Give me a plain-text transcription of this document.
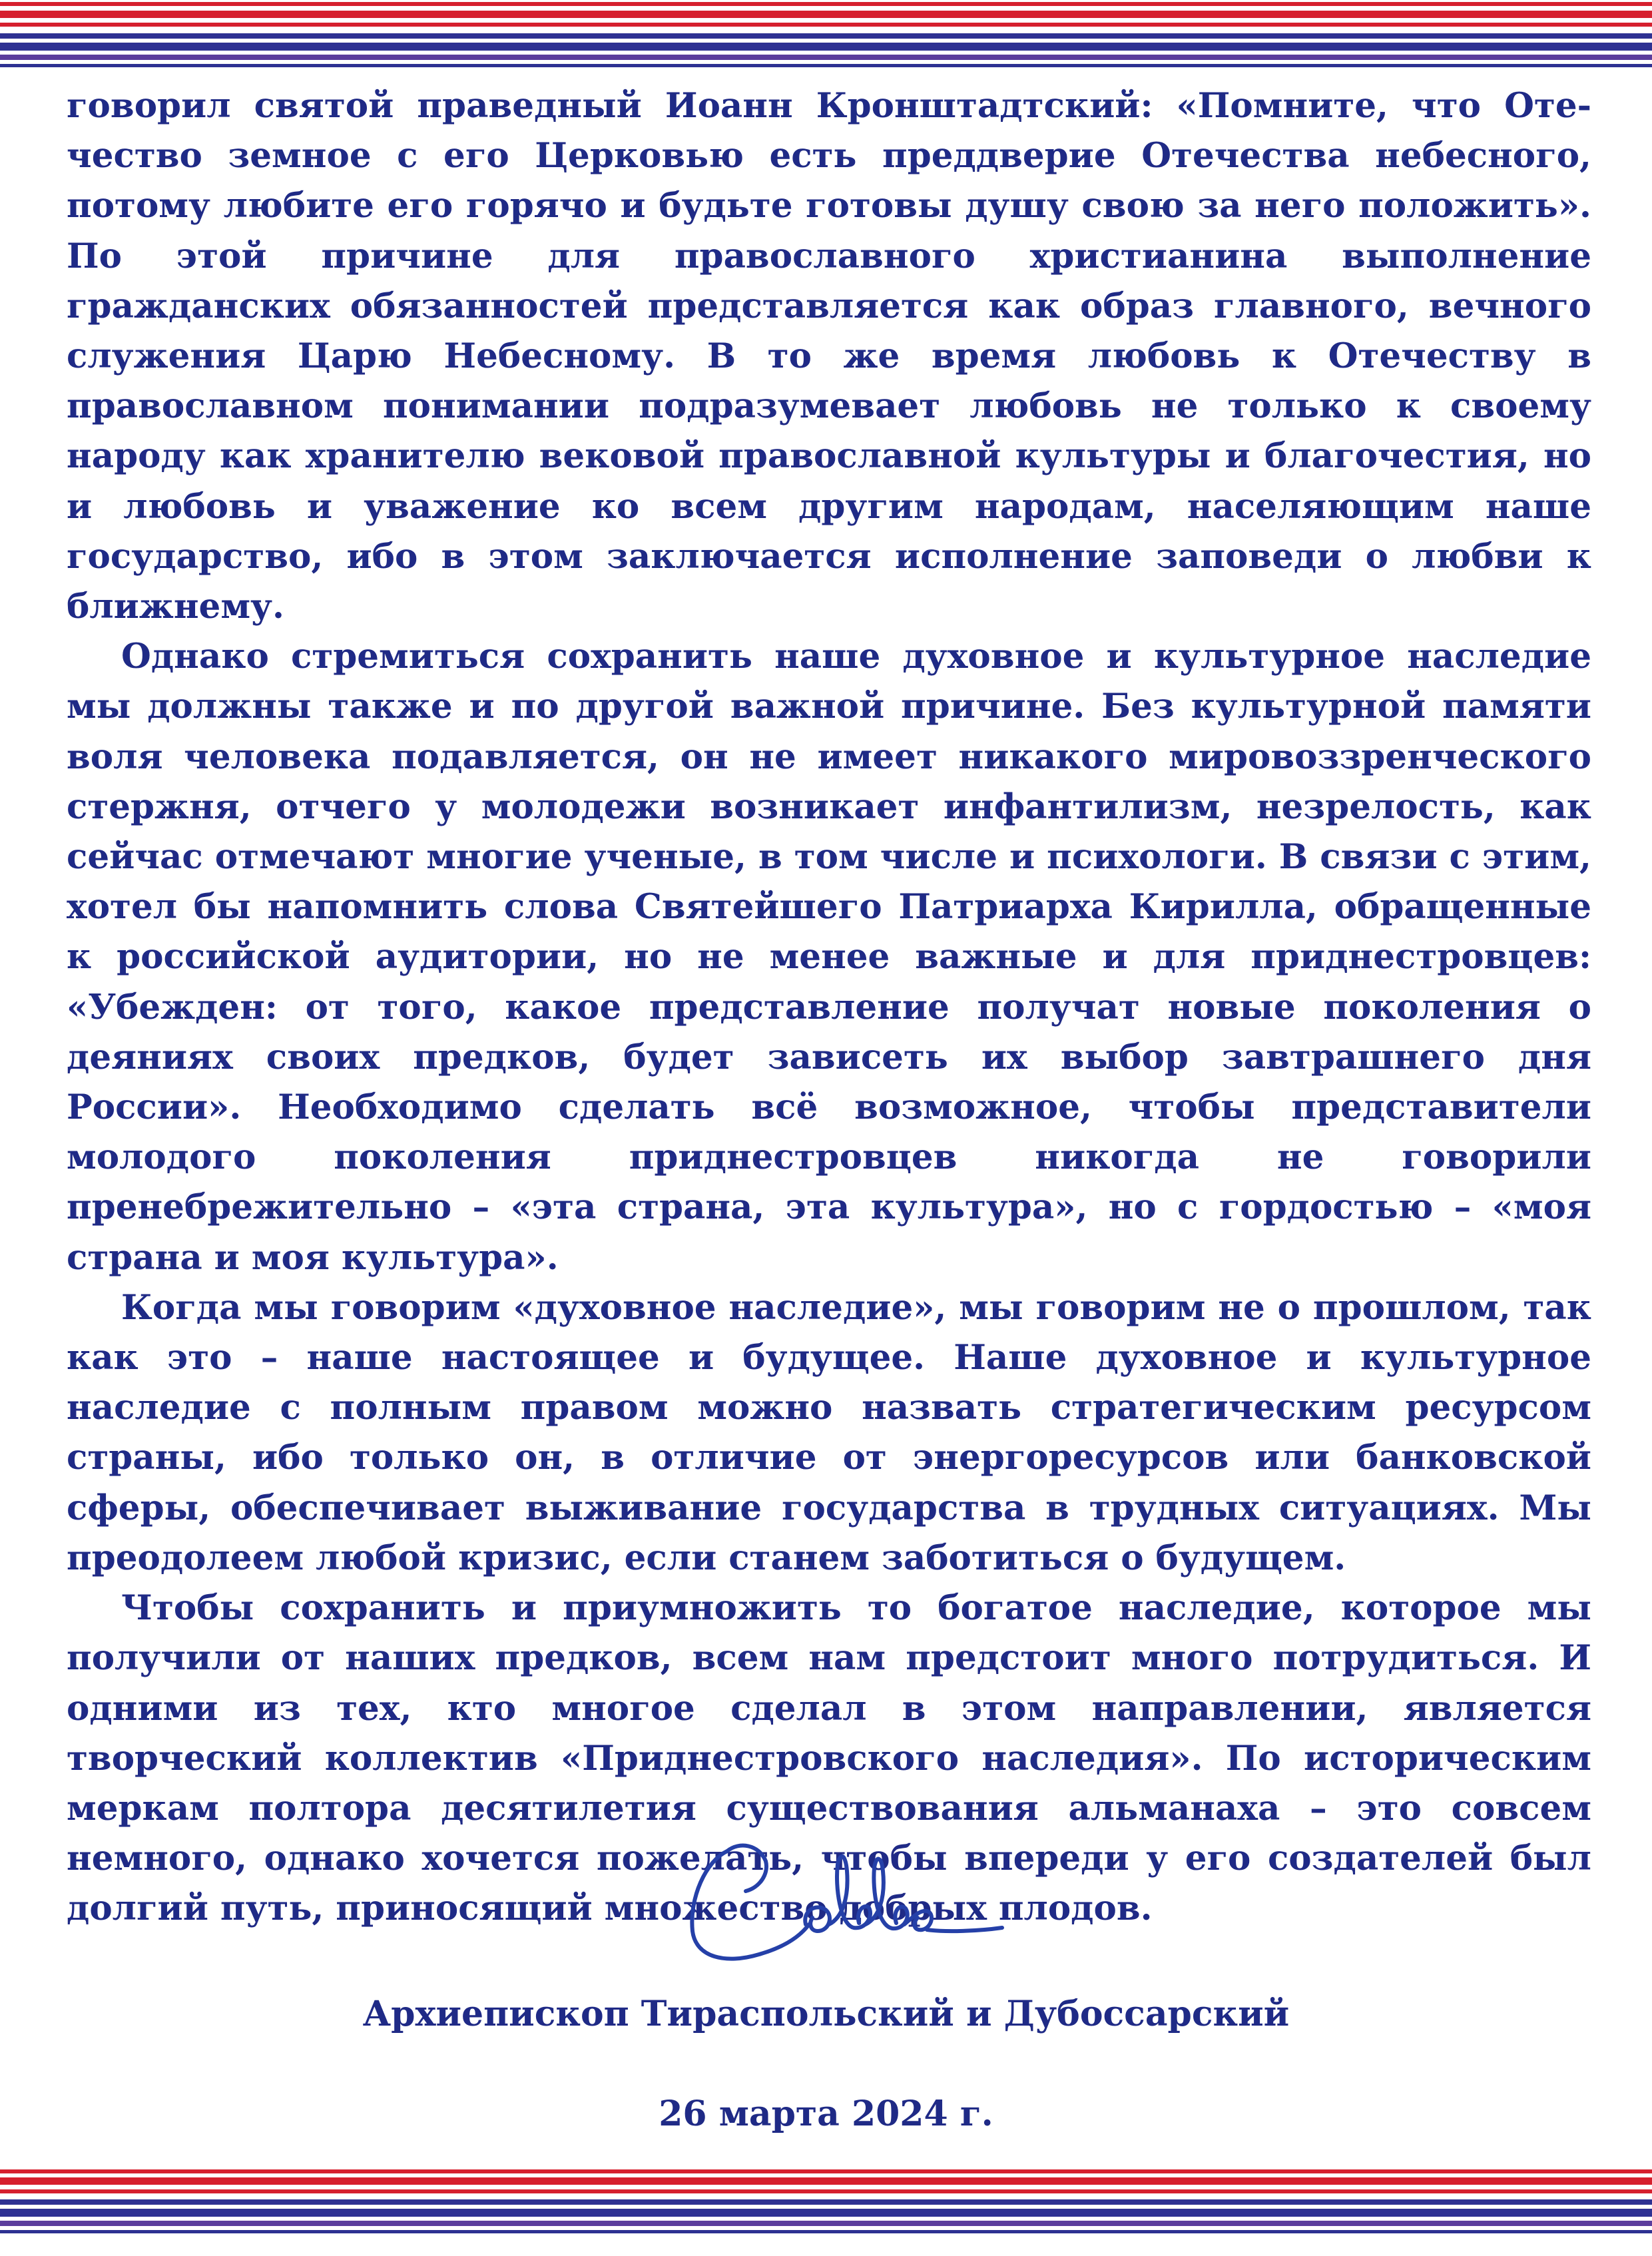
говорил святой праведный Иоанн Кронштадтский: «Помните, что Отечество земное с его Церковью есть преддверие Отечества небесного, потому любите его горячо и будьте готовы душу свою за него положить». По этой причине для православного христианина выполнение гражданских обязанностей представляется как образ главного, вечного служения Царю Небесному. В то же время любовь к Отечеству в православном понимании подразумевает любовь не только к своему народу как хранителю вековой православной культуры и благочестия, но и любовь и уважение ко всем другим народам, населяющим наше государство, ибо в этом заключается исполнение заповеди о любви к ближнему.

Однако стремиться сохранить наше духовное и культурное наследие мы должны также и по другой важной причине. Без культурной памяти воля человека подавляется, он не имеет никакого мировоззренческого стержня, отчего у молодежи возникает инфантилизм, незрелость, как сейчас отмечают многие ученые, в том числе и психологи. В связи с этим, хотел бы напомнить слова Святейшего Патриарха Кирилла, обращенные к российской аудитории, но не менее важные и для приднестровцев: «Убежден: от того, какое представление получат новые поколения о деяниях своих предков, будет зависеть их выбор завтрашнего дня России». Необходимо сделать всё возможное, чтобы представители молодого поколения приднестровцев никогда не говорили пренебрежительно – «эта страна, эта культура», но с гордостью – «моя страна и моя культура».

Когда мы говорим «духовное наследие», мы говорим не о прошлом, так как это – наше настоящее и будущее. Наше духовное и культурное наследие с полным правом можно назвать стратегическим ресурсом страны, ибо только он, в отличие от энергоресурсов или банковской сферы, обеспечивает выживание государства в трудных ситуациях. Мы преодолеем любой кризис, если станем заботиться о будущем.

Чтобы сохранить и приумножить то богатое наследие, которое мы получили от наших предков, всем нам предстоит много потрудиться. И одними из тех, кто многое сделал в этом направлении, является творческий коллектив «Приднестровского наследия». По историческим меркам полтора десятилетия существования альманаха – это совсем немного, однако хочется пожелать, чтобы впереди у его создателей был долгий путь, приносящий множество добрых плодов.

Архиепископ Тираспольский и Дубоссарский
26 марта 2024 г.
